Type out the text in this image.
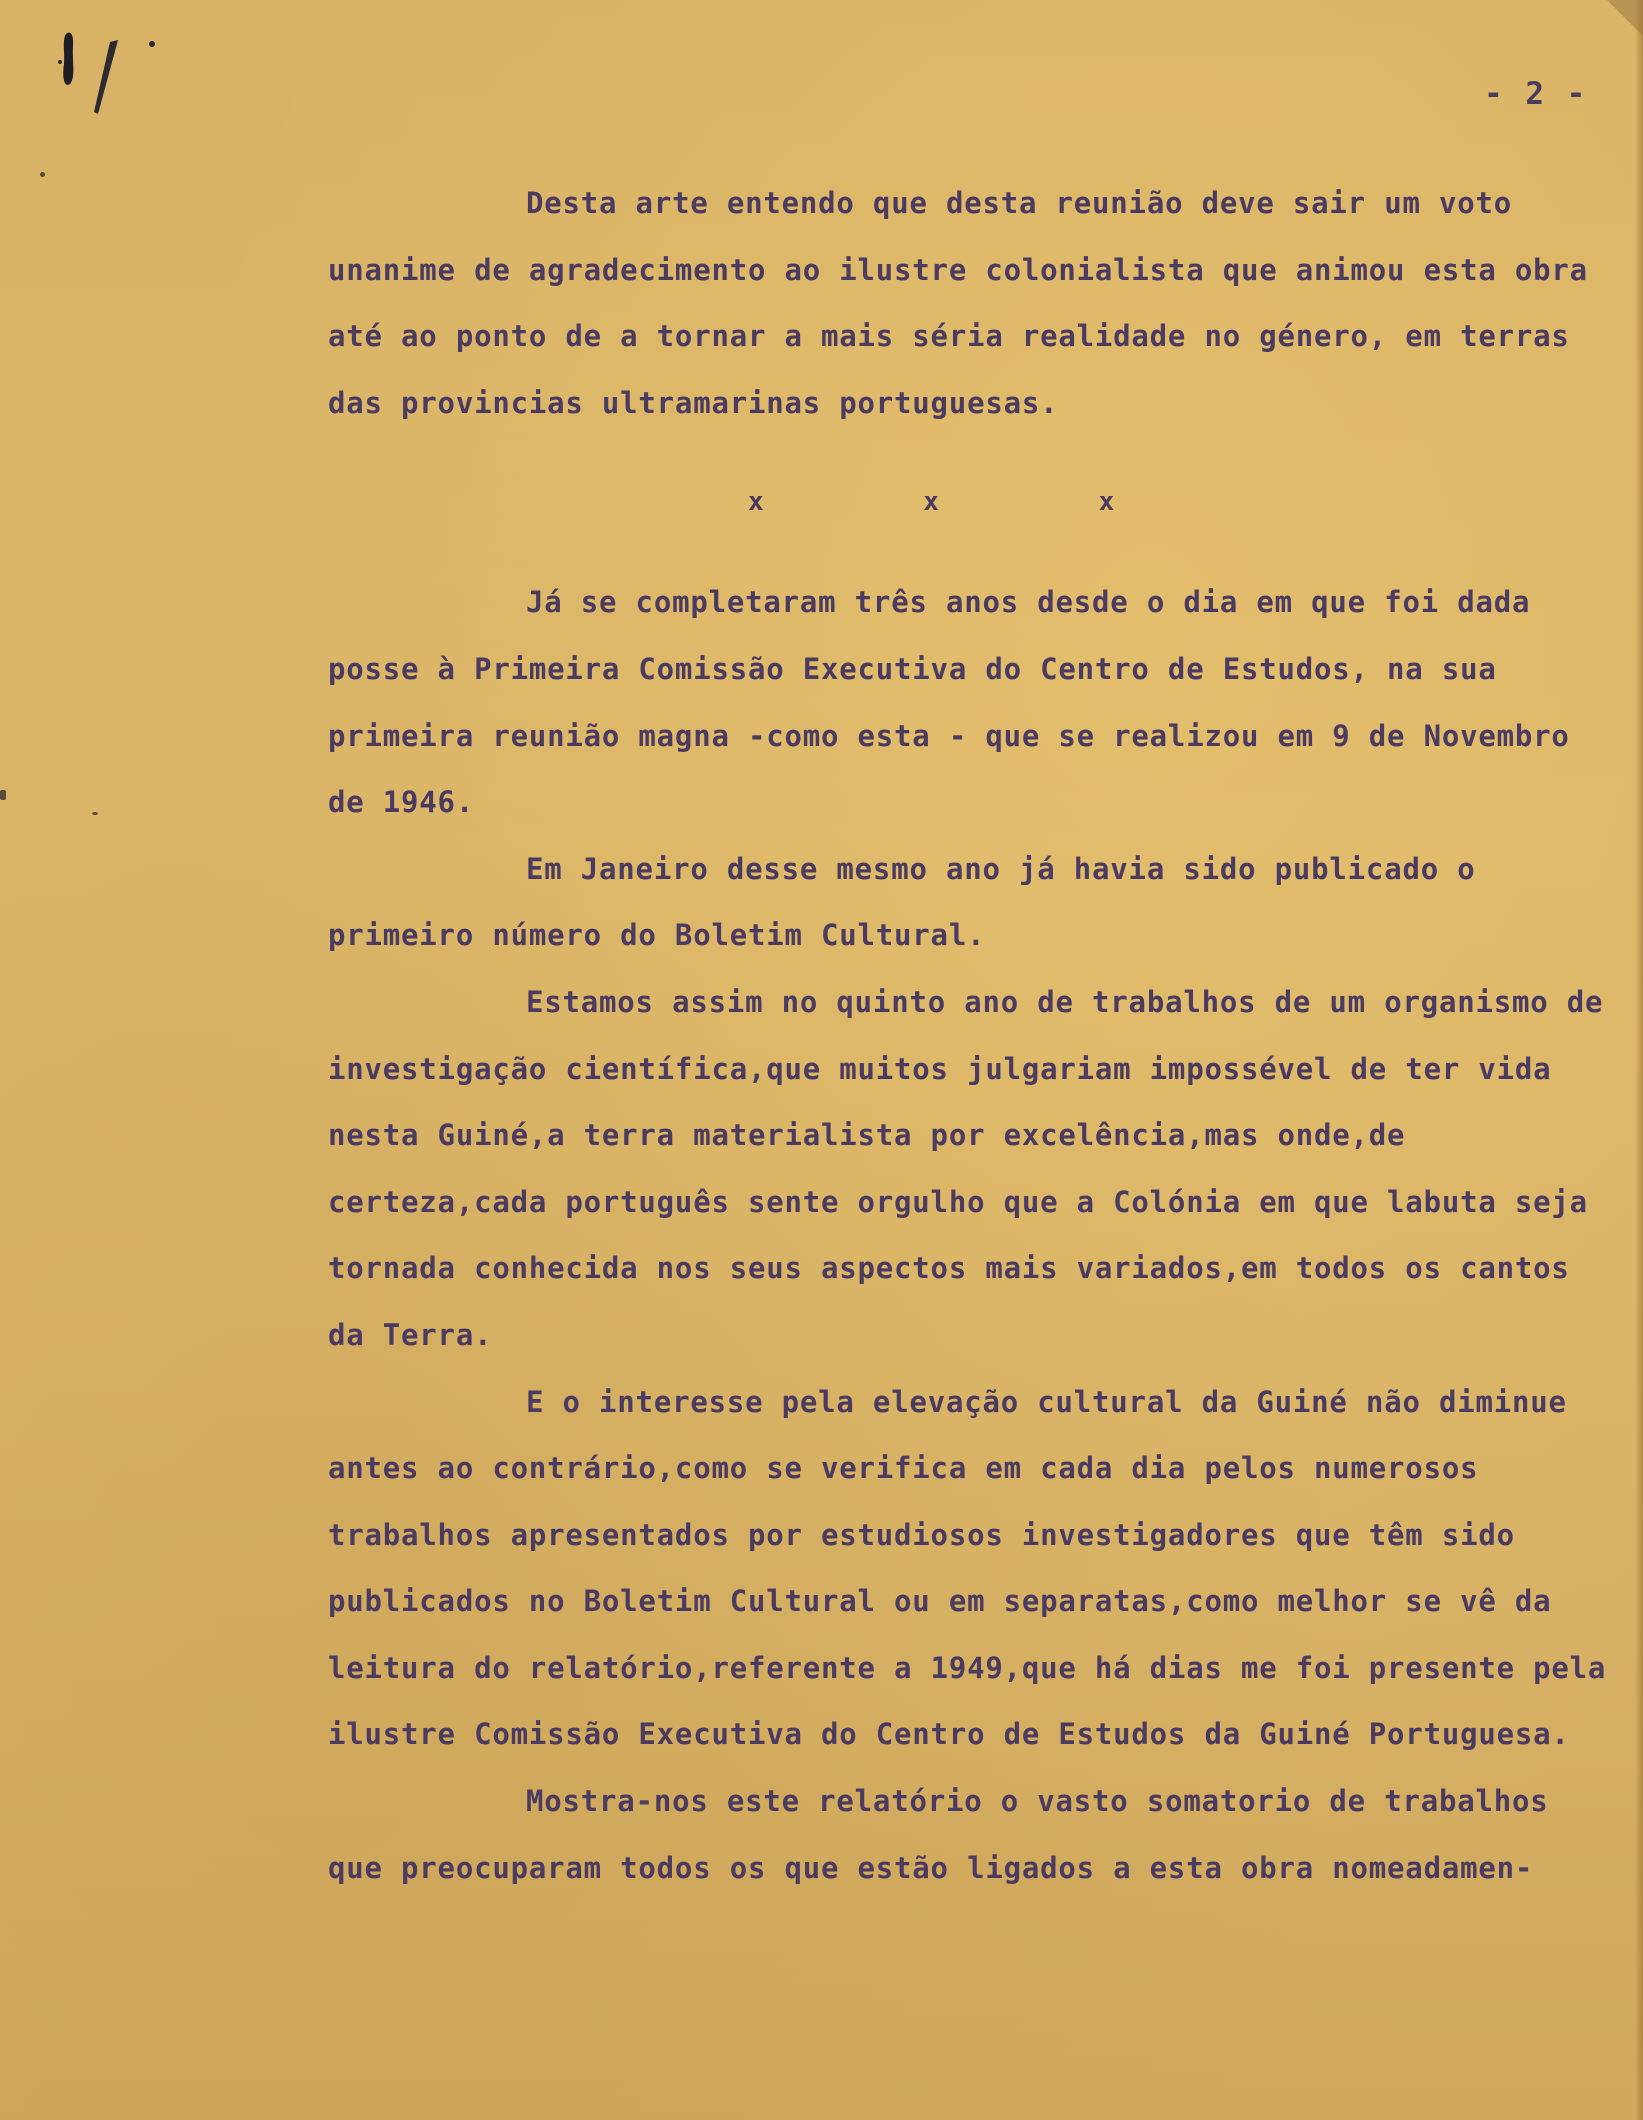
- 2 -

Desta arte entendo que desta reunião deve sair um voto unanime de agradecimento ao ilustre colonialista que animou esta obra até ao ponto de a tornar a mais séria realidade no género, em terras das provincias ultramarinas portuguesas.

x x x

Já se completaram três anos desde o dia em que foi dada posse à Primeira Comissão Executiva do Centro de Estudos, na sua primeira reunião magna -como esta - que se realizou em 9 de Novembro de 1946.

Em Janeiro desse mesmo ano já havia sido publicado o primeiro número do Boletim Cultural.

Estamos assim no quinto ano de trabalhos de um organismo de investigação científica,que muitos julgariam impossével de ter vida nesta Guiné,a terra materialista por excelência,mas onde,de certeza,cada português sente orgulho que a Colónia em que labuta seja tornada conhecida nos seus aspectos mais variados,em todos os cantos da Terra.

E o interesse pela elevação cultural da Guiné não diminue antes ao contrário,como se verifica em cada dia pelos numerosos trabalhos apresentados por estudiosos investigadores que têm sido publicados no Boletim Cultural ou em separatas,como melhor se vê da leitura do relatório,referente a 1949,que há dias me foi presente pela ilustre Comissão Executiva do Centro de Estudos da Guiné Portuguesa.

Mostra-nos este relatório o vasto somatorio de trabalhos que preocuparam todos os que estão ligados a esta obra nomeadamen-
